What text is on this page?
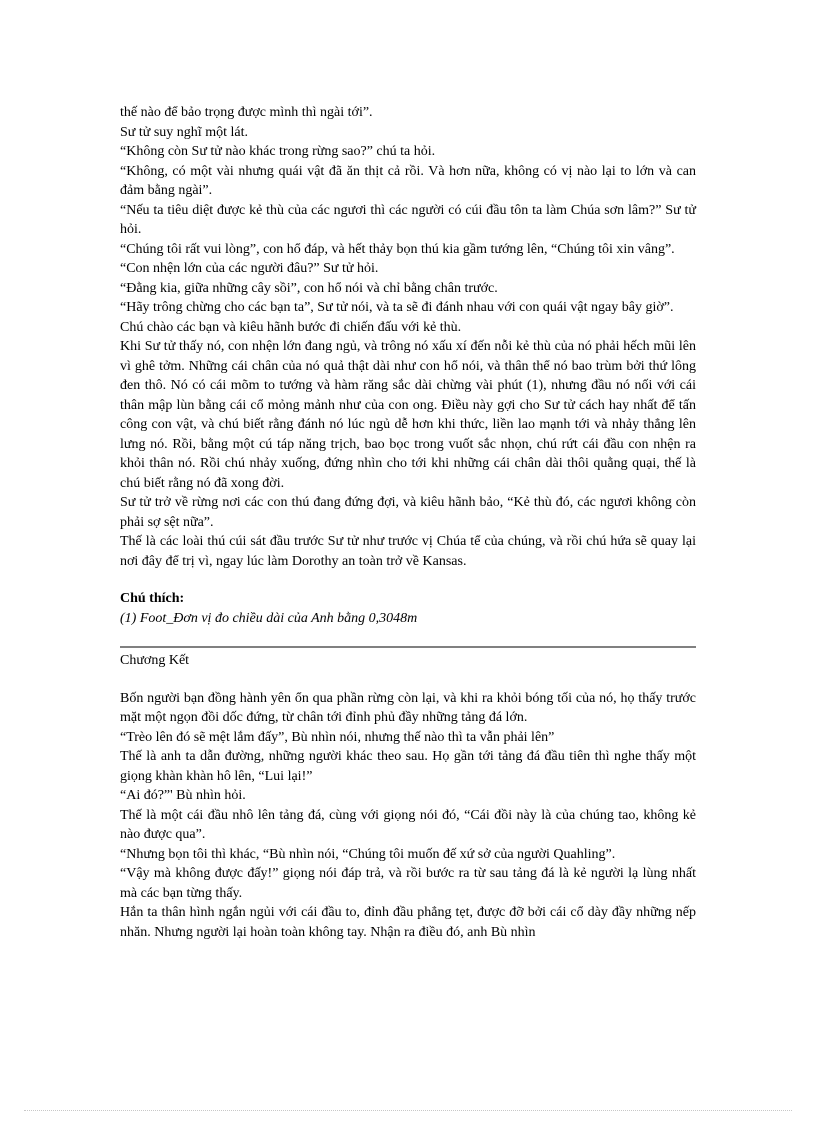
thế nào để bảo trọng được mình thì ngài tới”.

Sư tử suy nghĩ một lát.

“Không còn Sư tử nào khác trong rừng sao?” chú ta hỏi.

“Không, có một vài nhưng quái vật đã ăn thịt cả rồi. Và hơn nữa, không có vị nào lại to lớn và can đảm bằng ngài”.

“Nếu ta tiêu diệt được kẻ thù của các ngươi thì các người có cúi đầu tôn ta làm Chúa sơn lâm?” Sư tử hỏi.

“Chúng tôi rất vui lòng”, con hổ đáp, và hết thảy bọn thú kia gầm tướng lên, “Chúng tôi xin vâng”.

“Con nhện lớn của các người đâu?” Sư tử hỏi.

“Đằng kia, giữa những cây sồi”, con hổ nói và chỉ bằng chân trước.

“Hãy trông chừng cho các bạn ta”, Sư tử nói, và ta sẽ đi đánh nhau với con quái vật ngay bây giờ”.

Chú chào các bạn và kiêu hãnh bước đi chiến đấu với kẻ thù.

Khi Sư tử thấy nó, con nhện lớn đang ngủ, và trông nó xấu xí đến nỗi kẻ thù của nó phải hếch mũi lên vì ghê tởm. Những cái chân của nó quả thật dài như con hổ nói, và thân thể nó bao trùm bởi thứ lông đen thô. Nó có cái mõm to tướng và hàm răng sắc dài chừng vài phút (1), nhưng đầu nó nối với cái thân mập lùn bằng cái cổ mỏng mảnh như của con ong. Điều này gợi cho Sư tử cách hay nhất để tấn công con vật, và chú biết rằng đánh nó lúc ngủ dễ hơn khi thức, liền lao mạnh tới và nhảy thẳng lên lưng nó. Rồi, bằng một cú táp năng trịch, bao bọc trong vuốt sắc nhọn, chú rứt cái đầu con nhện ra khỏi thân nó. Rồi chú nhảy xuống, đứng nhìn cho tới khi những cái chân dài thôi quằng quại, thế là chú biết rằng nó đã xong đời.

Sư tử trở về rừng nơi các con thú đang đứng đợi, và kiêu hãnh bảo, “Kẻ thù đó, các ngươi không còn phải sợ sệt nữa”.

Thế là các loài thú cúi sát đầu trước Sư tử như trước vị Chúa tể của chúng, và rồi chú hứa sẽ quay lại nơi đây để trị vì, ngay lúc làm Dorothy an toàn trở về Kansas.

Chú thích:

(1) Foot_Đơn vị đo chiều dài của Anh bằng 0,3048m

Chương Kết

Bốn người bạn đồng hành yên ổn qua phần rừng còn lại, và khi ra khỏi bóng tối của nó, họ thấy trước mặt một ngọn đồi dốc đứng, từ chân tới đỉnh phủ đầy những tảng đá lớn.

“Trèo lên đó sẽ mệt lắm đấy”, Bù nhìn nói, nhưng thế nào thì ta vẫn phải lên”

Thế là anh ta dẫn đường, những người khác theo sau. Họ gần tới tảng đá đầu tiên thì nghe thấy một giọng khàn khàn hô lên, “Lui lại!”

“Ai đó?”' Bù nhìn hỏi.

Thế là một cái đầu nhô lên tảng đá, cùng với giọng nói đó, “Cái đồi này là của chúng tao, không kẻ nào được qua”.

“Nhưng bọn tôi thì khác, “Bù nhìn nói, “Chúng tôi muốn đế xứ sở của người Quahling”.

“Vậy mà không được đấy!” giọng nói đáp trả, và rồi bước ra từ sau tảng đá là kẻ người lạ lùng nhất mà các bạn từng thấy.

Hắn ta thân hình ngắn ngủi với cái đầu to, đỉnh đầu phẳng tẹt, được đỡ bởi cái cổ dày đầy những nếp nhăn. Nhưng người lại hoàn toàn không tay. Nhận ra điều đó, anh Bù nhìn
